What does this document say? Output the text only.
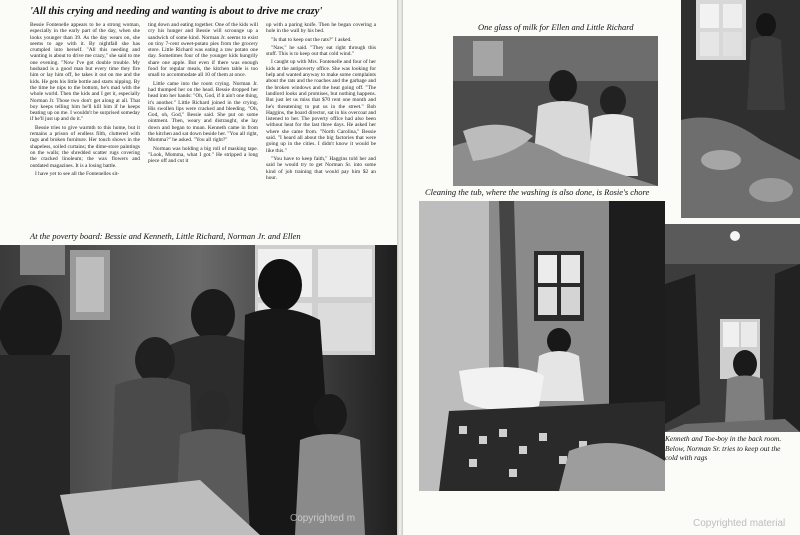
'All this crying and needing and wanting is about to drive me crazy'

Bessie Fontenelle appears to be a strong woman, especially in the early part of the day, when she looks younger than 39. As the day wears on, she seems to age with it. By nightfall she has crumpled into herself. "All this needing and wanting is about to drive me crazy," she said to me one evening. "Now I've got double trouble. My husband is a good man but every time they fire him or lay him off, he takes it out on me and the kids. He gets his little bottle and starts nipping. By the time he nips to the bottom, he's mad with the whole world. Then the kids and I get it, especially Norman Jr. Those two don't get along at all. That boy keeps telling him he'll kill him if he keeps beating up on me. I wouldn't be surprised someday if he'll just up and do it."

Bessie tries to give warmth to this home, but it remains a prison of endless filth, cluttered with rags and broken furniture. Her touch shows in the shapeless, soiled curtains; the dime-store paintings on the walls; the shredded scatter rugs covering the cracked linoleum; the wax flowers and outdated magazines. It is a losing battle.

I have yet to see all the Fontenelles sit-

ting down and eating together. One of the kids will cry his hunger and Bessie will scrounge up a sandwich of some kind. Norman Jr. seems to exist on tiny 7-cent sweet-potato pies from the grocery store. Little Richard was eating a raw potato one day. Sometimes four of the younger kids hungrily share one apple. But even if there was enough food for regular meals, the kitchen table is too small to accommodate all 10 of them at once.

Little came into the room crying. Norman Jr. had thumped her on the head. Bessie dropped her head into her hands: "Oh, God, if it ain't one thing, it's another." Little Richard joined in the crying. His swollen lips were cracked and bleeding. "Oh, God, oh, God," Bessie said. She put on some ointment. Then, weary and distraught, she lay down and began to moan. Kenneth came in from the kitchen and sat down beside her. "You all right, Momma?" he asked. "You all right?"

Norman was holding a big roll of masking tape. "Look, Momma, what I got." He stripped a long piece off and cut it

up with a paring knife. Then he began covering a hole in the wall by his bed.

"Is that to keep out the rats?" I asked.

"Naw," he said. "They eat right through this stuff. This is to keep out that cold wind."

I caught up with Mrs. Fontenelle and four of her kids at the antipoverty office. She was looking for help and wanted anyway to make some complaints about the rats and the roaches and the garbage and the broken windows and the heat going off. "The landlord looks and promises, but nothing happens. But just let us miss that $70 rent one month and he's threatening to put us in the street." Bob Haggins, the board director, sat in his overcoat and listened to her. The poverty office had also been without heat for the last three days. He asked her where she came from. "North Carolina," Bessie said. "I heard all about the big factories that were going up in the cities. I didn't know it would be like this."

"You have to keep faith," Haggins told her and said he would try to get Norman Sr. into some kind of job training that would pay him $2 an hour.

At the poverty board: Bessie and Kenneth, Little Richard, Norman Jr. and Ellen
Copyrighted m
One glass of milk for Ellen and Little Richard
Cleaning the tub, where the washing is also done, is Rosie's chore
Kenneth and Toe-boy in the back room. Below, Norman Sr. tries to keep out the cold with rags
Copyrighted material
